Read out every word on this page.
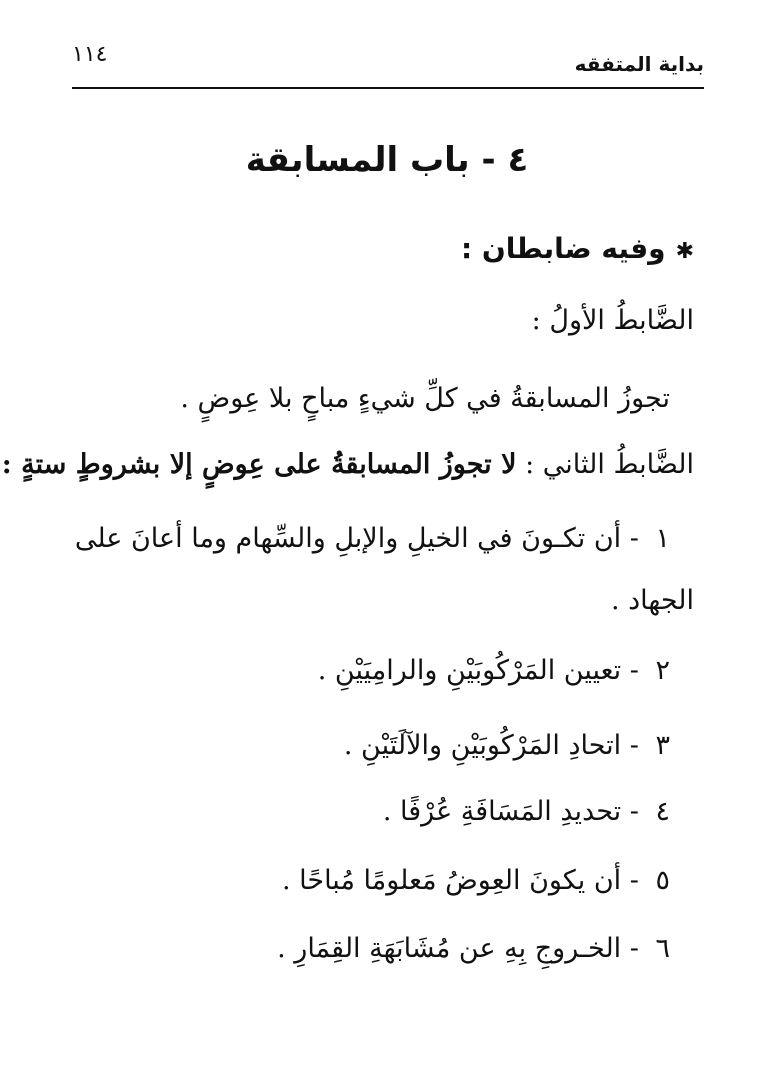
١١٤	بداية المتفقه
٤ - باب المسابقة
✱وفيه ضابطان :
الضَّابطُ الأولُ :
تجوزُ المسابقةُ في كلِّ شيءٍ مباحٍ بلا عِوضٍ .
الضَّابطُ الثاني : لا تجوزُ المسابقةُ على عِوضٍ إلا بشروطٍ ستةٍ :
١ - أن تكـونَ في الخيلِ والإبلِ والسِّهام وما أعانَ على
الجهاد .
٢ - تعيين المَرْكُوبَيْنِ والرامِيَيْنِ .
٣ - اتحادِ المَرْكُوبَيْنِ والآلَتَيْنِ .
٤ - تحديدِ المَسَافَةِ عُرْفًا .
٥ - أن يكونَ العِوضُ مَعلومًا مُباحًا .
٦ - الخـروجِ بِهِ عن مُشَابَهَةِ القِمَارِ .
